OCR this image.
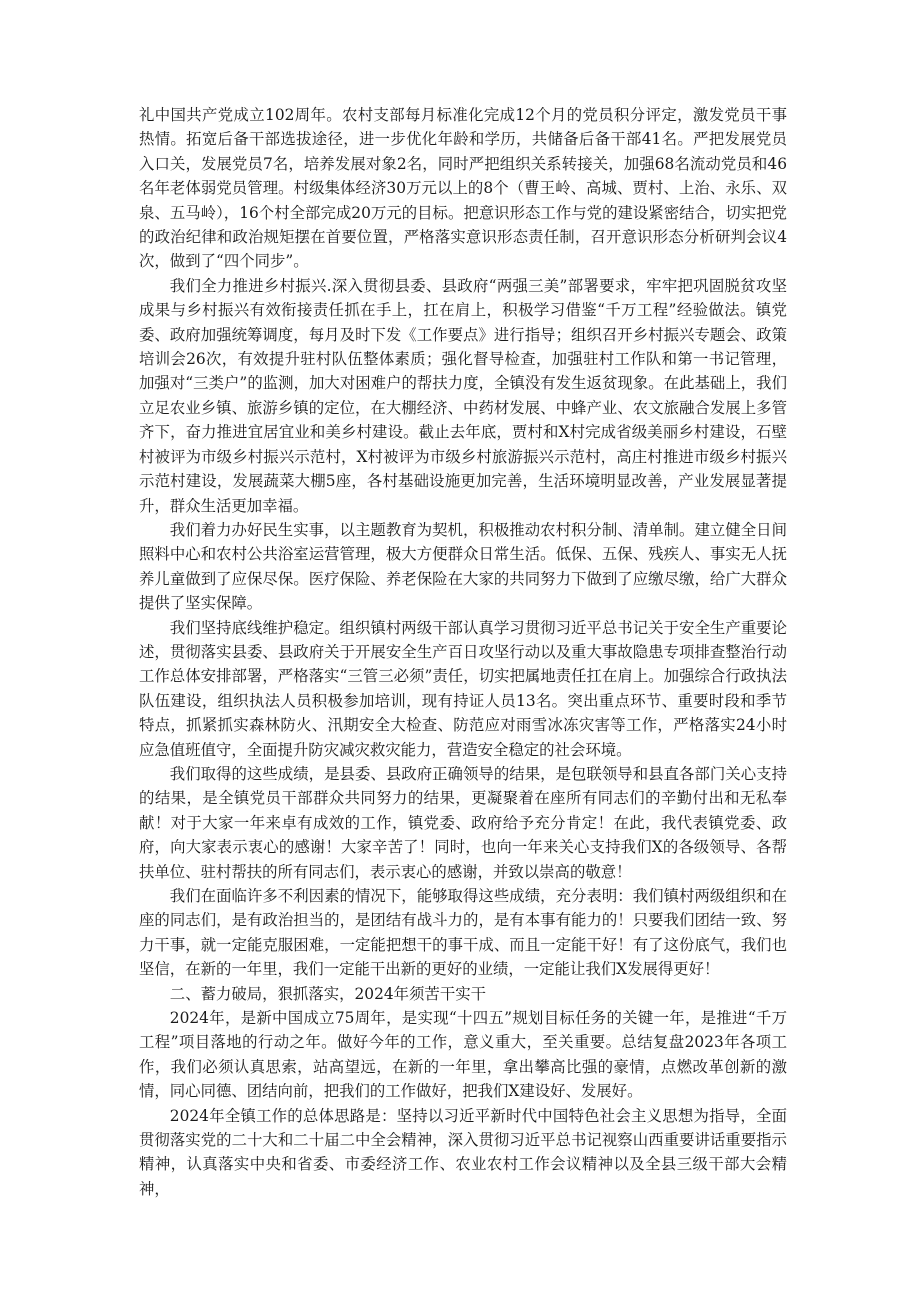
礼中国共产党成立102周年。农村支部每月标准化完成12个月的党员积分评定，激发党员干事热情。拓宽后备干部选拔途径，进一步优化年龄和学历，共储备后备干部41名。严把发展党员入口关，发展党员7名，培养发展对象2名，同时严把组织关系转接关，加强68名流动党员和46名年老体弱党员管理。村级集体经济30万元以上的8个（曹王岭、高城、贾村、上治、永乐、双泉、五马岭），16个村全部完成20万元的目标。把意识形态工作与党的建设紧密结合，切实把党的政治纪律和政治规矩摆在首要位置，严格落实意识形态责任制，召开意识形态分析研判会议4次，做到了“四个同步”。

我们全力推进乡村振兴.深入贯彻县委、县政府“两强三美”部署要求，牢牢把巩固脱贫攻坚成果与乡村振兴有效衔接责任抓在手上，扛在肩上，积极学习借鉴“千万工程”经验做法。镇党委、政府加强统筹调度，每月及时下发《工作要点》进行指导；组织召开乡村振兴专题会、政策培训会26次，有效提升驻村队伍整体素质；强化督导检查，加强驻村工作队和第一书记管理，加强对“三类户”的监测，加大对困难户的帮扶力度，全镇没有发生返贫现象。在此基础上，我们立足农业乡镇、旅游乡镇的定位，在大棚经济、中药材发展、中蜂产业、农文旅融合发展上多管齐下，奋力推进宜居宜业和美乡村建设。截止去年底，贾村和X村完成省级美丽乡村建设，石壁村被评为市级乡村振兴示范村，X村被评为市级乡村旅游振兴示范村，高庄村推进市级乡村振兴示范村建设，发展蔬菜大棚5座，各村基础设施更加完善，生活环境明显改善，产业发展显著提升，群众生活更加幸福。

我们着力办好民生实事，以主题教育为契机，积极推动农村积分制、清单制。建立健全日间照料中心和农村公共浴室运营管理，极大方便群众日常生活。低保、五保、残疾人、事实无人抚养儿童做到了应保尽保。医疗保险、养老保险在大家的共同努力下做到了应缴尽缴，给广大群众提供了坚实保障。

我们坚持底线维护稳定。组织镇村两级干部认真学习贯彻习近平总书记关于安全生产重要论述，贯彻落实县委、县政府关于开展安全生产百日攻坚行动以及重大事故隐患专项排查整治行动工作总体安排部署，严格落实“三管三必须”责任，切实把属地责任扛在肩上。加强综合行政执法队伍建设，组织执法人员积极参加培训，现有持证人员13名。突出重点环节、重要时段和季节特点，抓紧抓实森林防火、汛期安全大检查、防范应对雨雪冰冻灾害等工作，严格落实24小时应急值班值守，全面提升防灾减灾救灾能力，营造安全稳定的社会环境。

我们取得的这些成绩，是县委、县政府正确领导的结果，是包联领导和县直各部门关心支持的结果，是全镇党员干部群众共同努力的结果，更凝聚着在座所有同志们的辛勤付出和无私奉献！对于大家一年来卓有成效的工作，镇党委、政府给予充分肯定！在此，我代表镇党委、政府，向大家表示衷心的感谢！大家辛苦了！同时，也向一年来关心支持我们X的各级领导、各帮扶单位、驻村帮扶的所有同志们，表示衷心的感谢，并致以崇高的敬意！

我们在面临许多不利因素的情况下，能够取得这些成绩，充分表明：我们镇村两级组织和在座的同志们，是有政治担当的，是团结有战斗力的，是有本事有能力的！只要我们团结一致、努力干事，就一定能克服困难，一定能把想干的事干成、而且一定能干好！有了这份底气，我们也坚信，在新的一年里，我们一定能干出新的更好的业绩，一定能让我们X发展得更好！

二、蓄力破局，狠抓落实，2024年须苦干实干

2024年，是新中国成立75周年，是实现“十四五”规划目标任务的关键一年，是推进“千万工程”项目落地的行动之年。做好今年的工作，意义重大，至关重要。总结复盘2023年各项工作，我们必须认真思索，站高望远，在新的一年里，拿出攀高比强的豪情，点燃改革创新的激情，同心同德、团结向前，把我们的工作做好，把我们X建设好、发展好。

2024年全镇工作的总体思路是：坚持以习近平新时代中国特色社会主义思想为指导，全面贯彻落实党的二十大和二十届二中全会精神，深入贯彻习近平总书记视察山西重要讲话重要指示精神，认真落实中央和省委、市委经济工作、农业农村工作会议精神以及全县三级干部大会精神，
